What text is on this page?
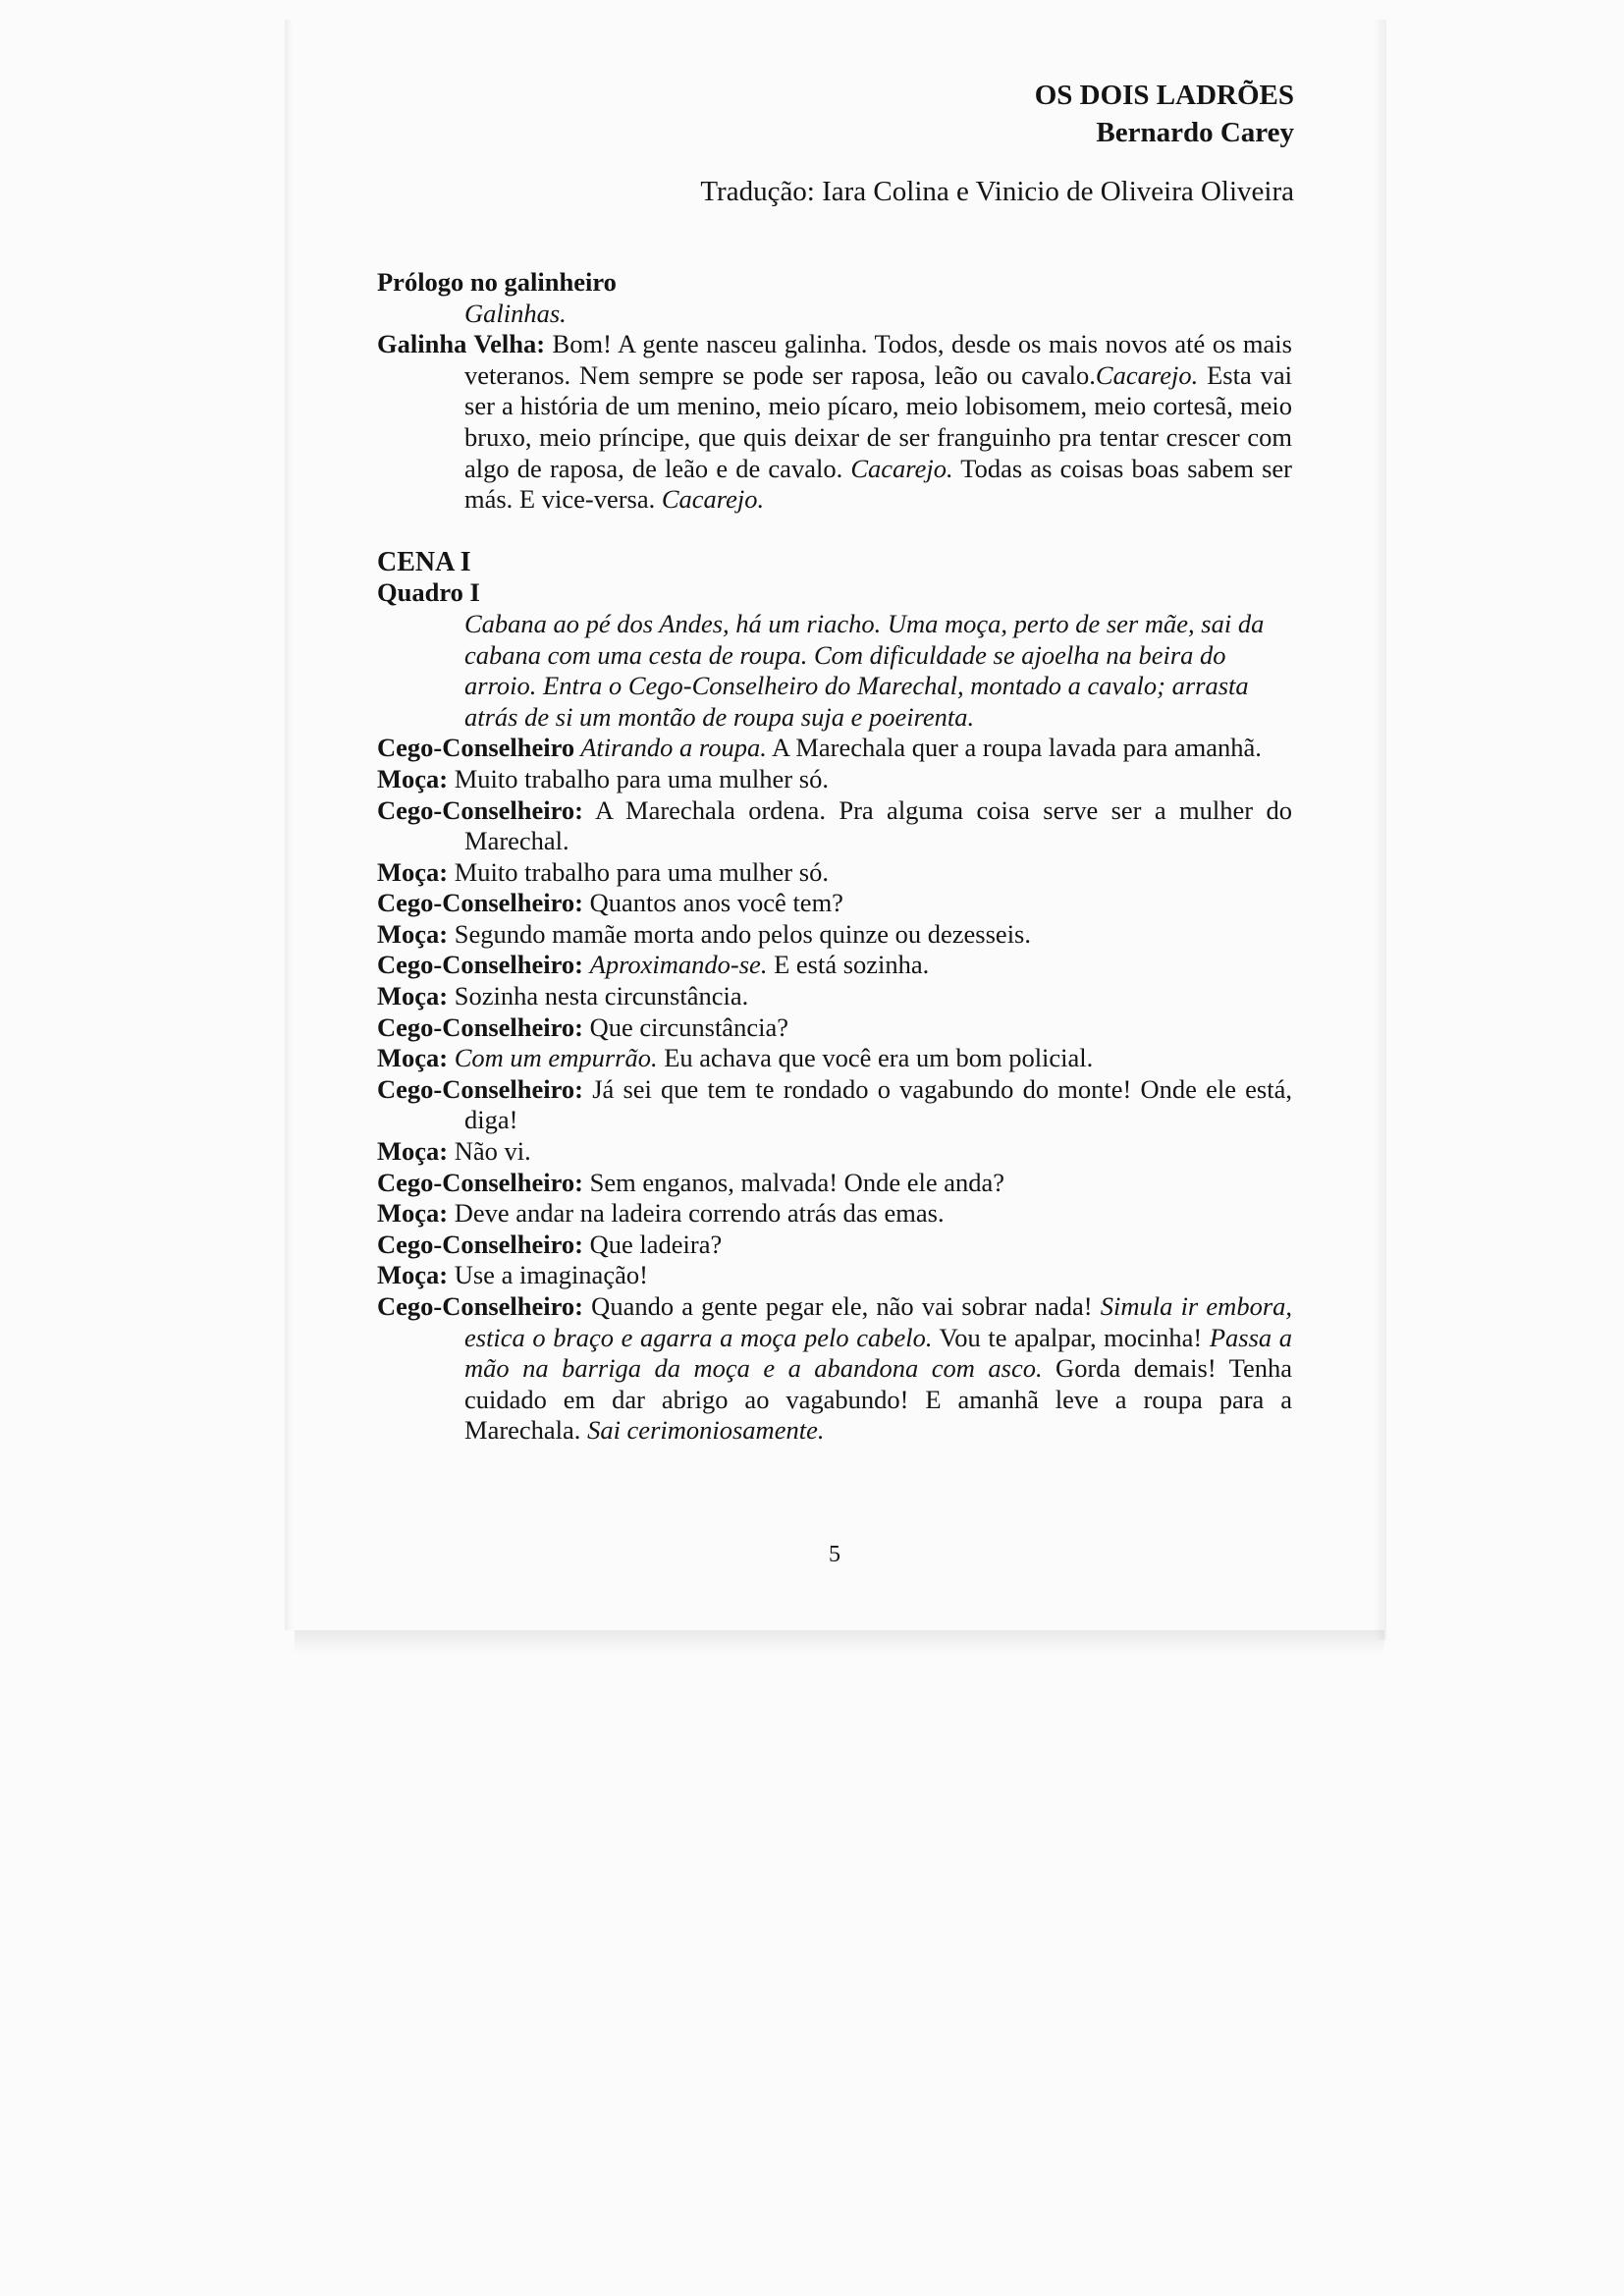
OS DOIS LADRÕES
Bernardo Carey
Tradução: Iara Colina e Vinicio de Oliveira Oliveira
Prólogo no galinheiro
Galinhas.
Galinha Velha: Bom! A gente nasceu galinha. Todos, desde os mais novos até os mais veteranos. Nem sempre se pode ser raposa, leão ou cavalo.Cacarejo. Esta vai ser a história de um menino, meio pícaro, meio lobisomem, meio cortesã, meio bruxo, meio príncipe, que quis deixar de ser franguinho pra tentar crescer com algo de raposa, de leão e de cavalo. Cacarejo. Todas as coisas boas sabem ser más. E vice-versa. Cacarejo.
CENA I
Quadro I
Cabana ao pé dos Andes, há um riacho. Uma moça, perto de ser mãe, sai da cabana com uma cesta de roupa. Com dificuldade se ajoelha na beira do arroio. Entra o Cego-Conselheiro do Marechal, montado a cavalo; arrasta atrás de si um montão de roupa suja e poeirenta.
Cego-Conselheiro Atirando a roupa. A Marechala quer a roupa lavada para amanhã.
Moça: Muito trabalho para uma mulher só.
Cego-Conselheiro: A Marechala ordena. Pra alguma coisa serve ser a mulher do Marechal.
Moça: Muito trabalho para uma mulher só.
Cego-Conselheiro: Quantos anos você tem?
Moça: Segundo mamãe morta ando pelos quinze ou dezesseis.
Cego-Conselheiro: Aproximando-se. E está sozinha.
Moça: Sozinha nesta circunstância.
Cego-Conselheiro: Que circunstância?
Moça: Com um empurrão. Eu achava que você era um bom policial.
Cego-Conselheiro: Já sei que tem te rondado o vagabundo do monte! Onde ele está, diga!
Moça: Não vi.
Cego-Conselheiro: Sem enganos, malvada! Onde ele anda?
Moça: Deve andar na ladeira correndo atrás das emas.
Cego-Conselheiro: Que ladeira?
Moça: Use a imaginação!
Cego-Conselheiro: Quando a gente pegar ele, não vai sobrar nada! Simula ir embora, estica o braço e agarra a moça pelo cabelo. Vou te apalpar, mocinha! Passa a mão na barriga da moça e a abandona com asco. Gorda demais! Tenha cuidado em dar abrigo ao vagabundo! E amanhã leve a roupa para a Marechala. Sai cerimoniosamente.
5
